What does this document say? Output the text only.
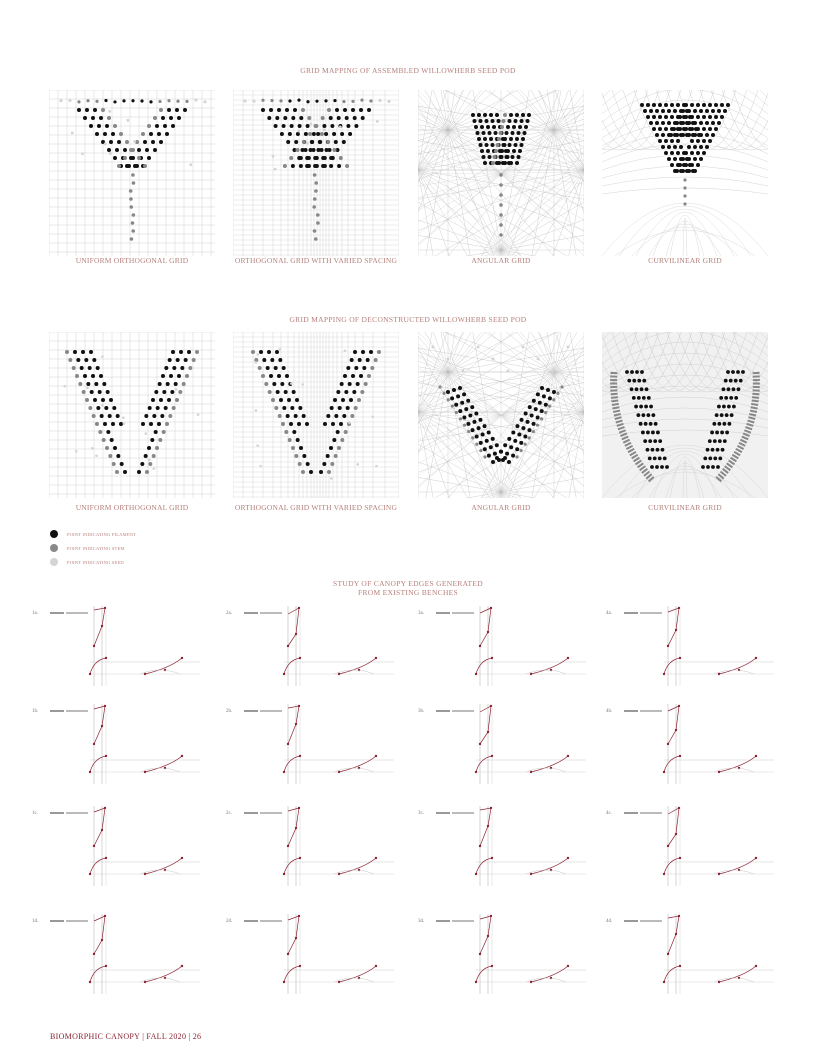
GRID MAPPING OF ASSEMBLED WILLOWHERB SEED POD
UNIFORM ORTHOGONAL GRID	ORTHOGONAL GRID WITH VARIED SPACING	ANGULAR GRID	CURVILINEAR GRID
GRID MAPPING OF DECONSTRUCTED WILLOWHERB SEED POD
UNIFORM ORTHOGONAL GRID	ORTHOGONAL GRID WITH VARIED SPACING	ANGULAR GRID	CURVILINEAR GRID
POINT INDICATING FILAMENT
POINT INDICATING STEM
POINT INDICATING SEED
STUDY OF CANOPY EDGES GENERATED
FROM EXISTING BENCHES
1a.
1b.
1c.
1d.
2a.
2b.
2c.
2d.
3a.
3b.
3c.
3d.
4a.
4b.
4c.
4d.
BIOMORPHIC CANOPY | FALL 2020 | 26
